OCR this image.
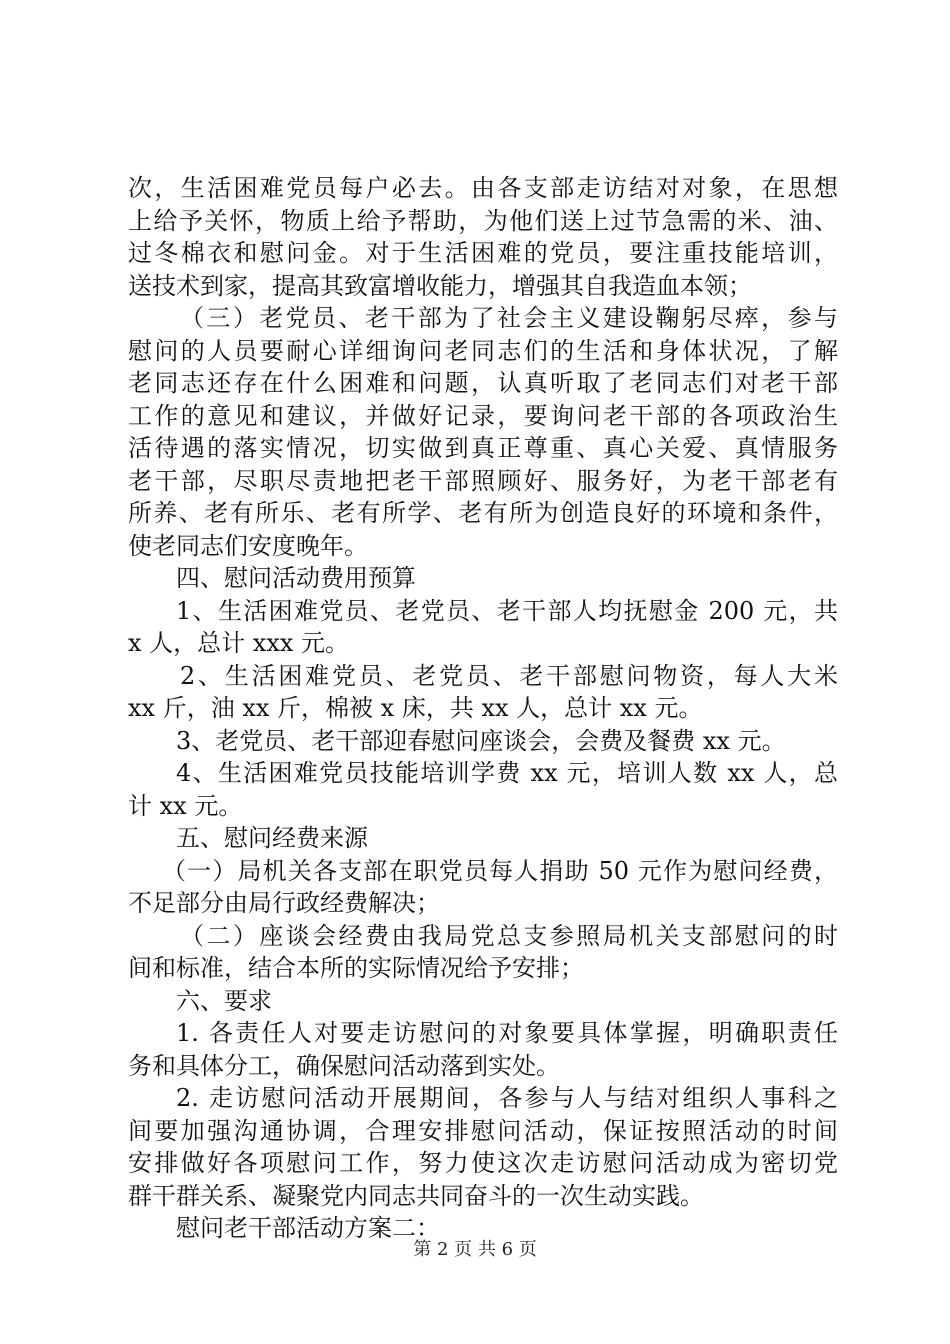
次，生活困难党员每户必去。由各支部走访结对对象，在思想
上给予关怀，物质上给予帮助，为他们送上过节急需的米、油、
过冬棉衣和慰问金。对于生活困难的党员，要注重技能培训，
送技术到家，提高其致富增收能力，增强其自我造血本领；
（三）老党员、老干部为了社会主义建设鞠躬尽瘁，参与
慰问的人员要耐心详细询问老同志们的生活和身体状况，了解
老同志还存在什么困难和问题，认真听取了老同志们对老干部
工作的意见和建议，并做好记录，要询问老干部的各项政治生
活待遇的落实情况，切实做到真正尊重、真心关爱、真情服务
老干部，尽职尽责地把老干部照顾好、服务好，为老干部老有
所养、老有所乐、老有所学、老有所为创造良好的环境和条件，
使老同志们安度晚年。
四、慰问活动费用预算
1、生活困难党员、老党员、老干部人均抚慰金 200 元，共
x 人，总计 xxx 元。
2、生活困难党员、老党员、老干部慰问物资，每人大米
xx 斤，油 xx 斤，棉被 x 床，共 xx 人，总计 xx 元。
3、老党员、老干部迎春慰问座谈会，会费及餐费 xx 元。
4、生活困难党员技能培训学费 xx 元，培训人数 xx 人，总
计 xx 元。
五、慰问经费来源
（一）局机关各支部在职党员每人捐助 50 元作为慰问经费，
不足部分由局行政经费解决；
（二）座谈会经费由我局党总支参照局机关支部慰问的时
间和标准，结合本所的实际情况给予安排；
六、要求
1. 各责任人对要走访慰问的对象要具体掌握，明确职责任
务和具体分工，确保慰问活动落到实处。
2. 走访慰问活动开展期间，各参与人与结对组织人事科之
间要加强沟通协调，合理安排慰问活动，保证按照活动的时间
安排做好各项慰问工作，努力使这次走访慰问活动成为密切党
群干群关系、凝聚党内同志共同奋斗的一次生动实践。
慰问老干部活动方案二：
第 2 页 共 6 页
